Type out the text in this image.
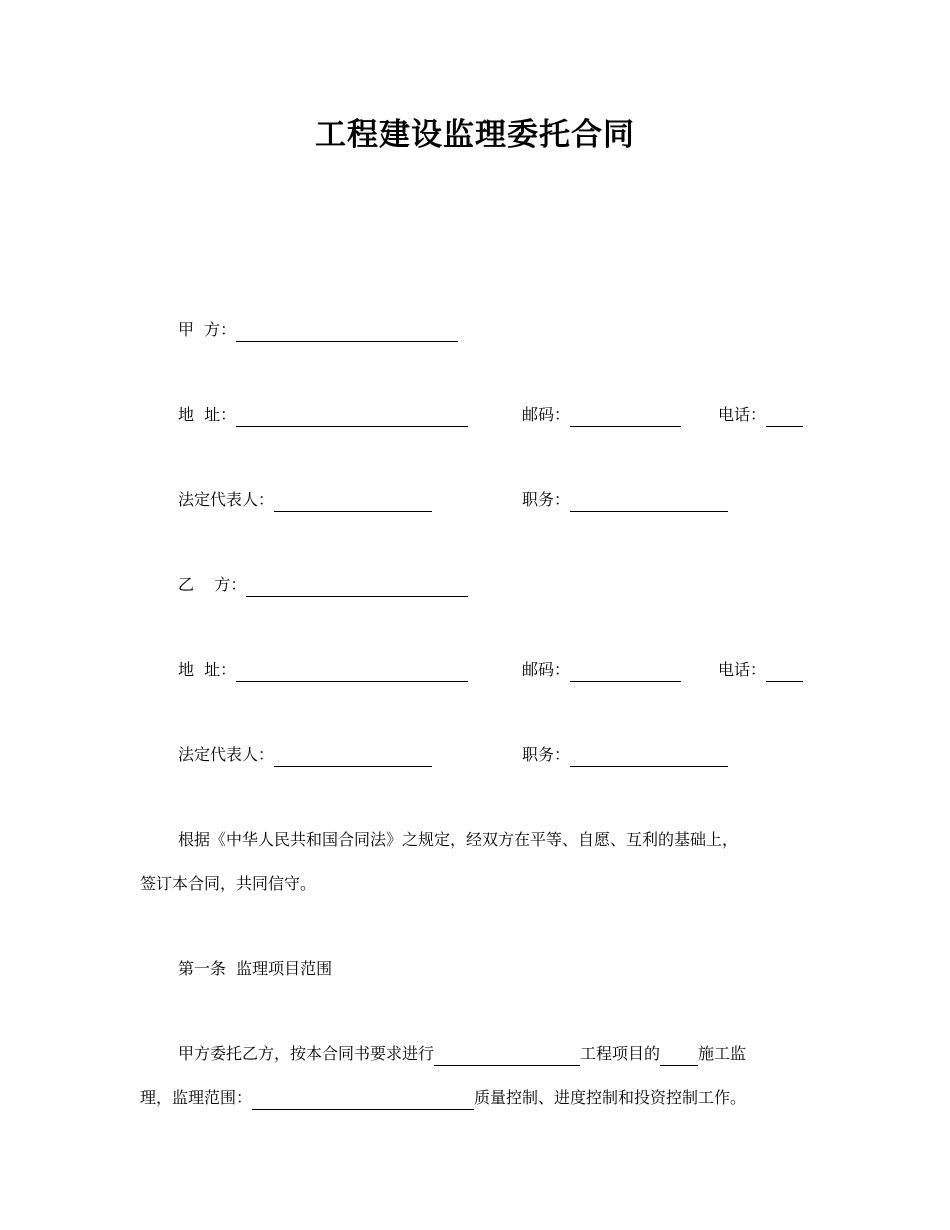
工程建设监理委托合同
甲  方：
地  址：	邮码：	电话：
法定代表人：	职务：
乙    方：
地  址：	邮码：	电话：
法定代表人：	职务：
根据《中华人民共和国合同法》之规定，经双方在平等、自愿、互利的基础上，
签订本合同，共同信守。
第一条  监理项目范围
甲方委托乙方，按本合同书要求进行	工程项目的 施工监
理，监理范围：	质量控制、进度控制和投资控制工作。
